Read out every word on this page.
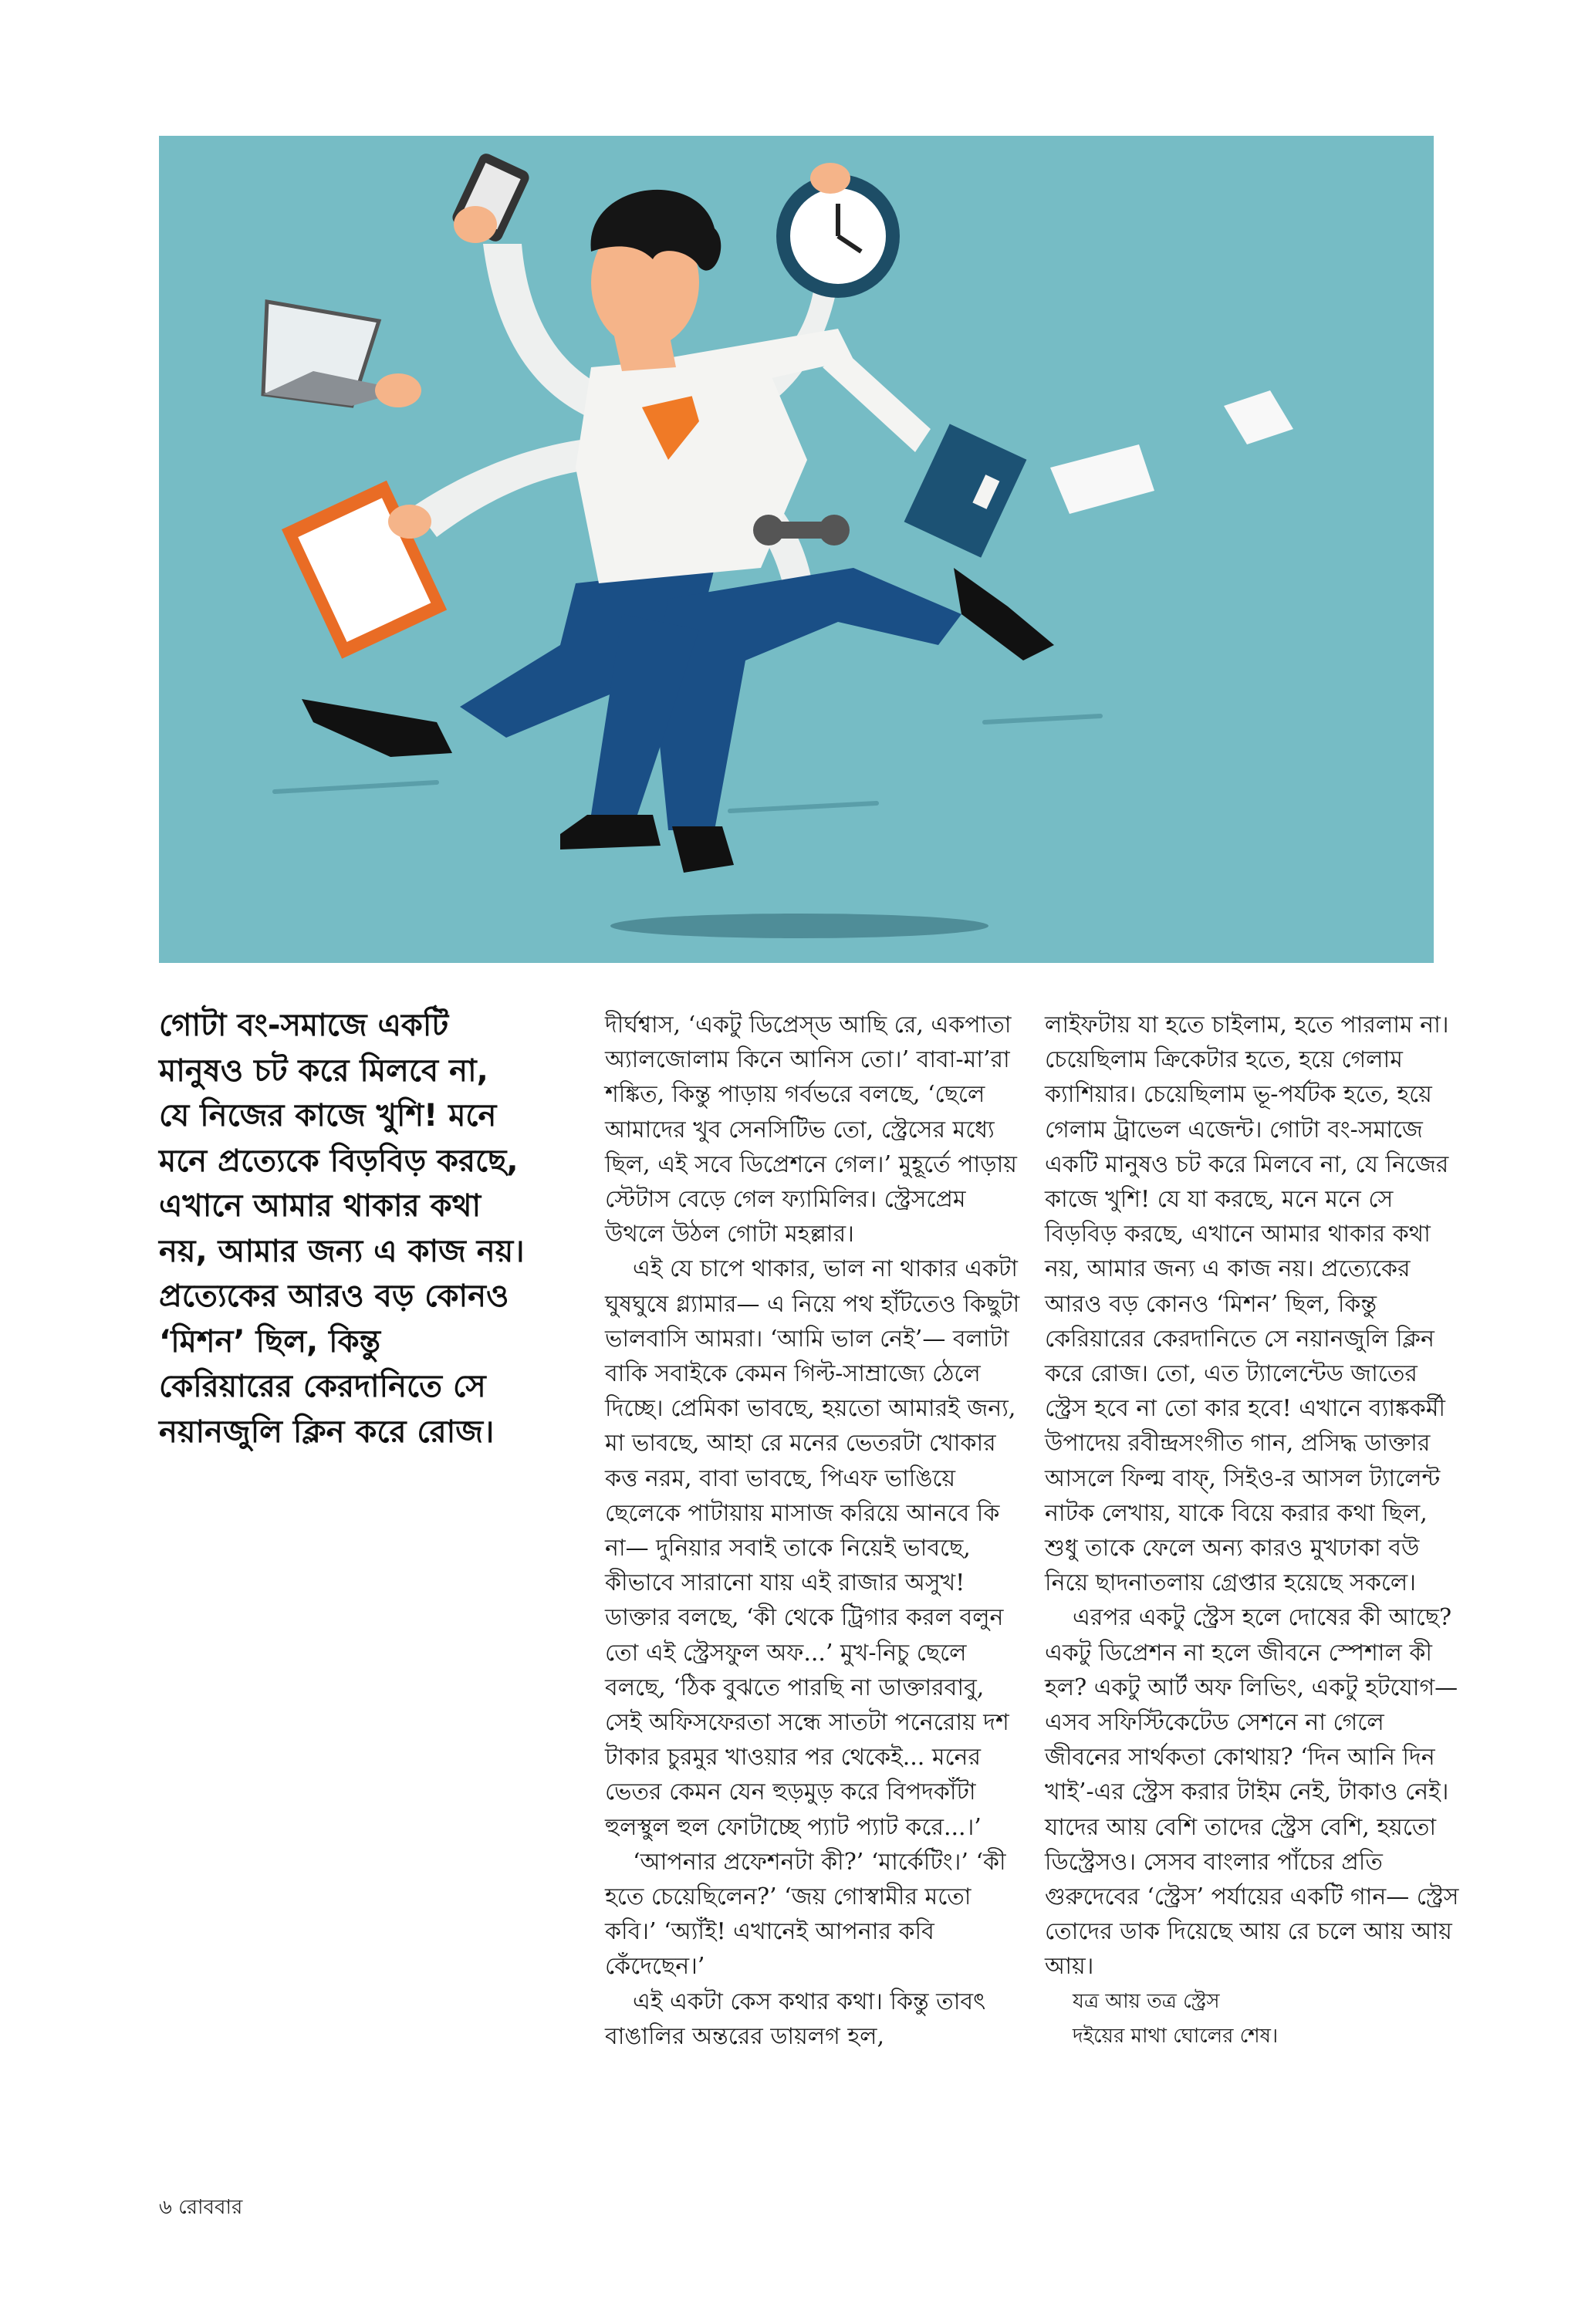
গোটা বং-সমাজে একটি
মানুষও চট করে মিলবে না,
যে নিজের কাজে খুশি! মনে
মনে প্রত্যেকে বিড়বিড় করছে,
এখানে আমার থাকার কথা
নয়, আমার জন্য এ কাজ নয়।
প্রত্যেকের আরও বড় কোনও
‘মিশন’ ছিল, কিন্তু
কেরিয়ারের কেরদানিতে সে
নয়ানজুলি ক্লিন করে রোজ।

দীর্ঘশ্বাস, ‘একটু ডিপ্রেস্‌ড আছি রে, একপাতা অ্যালজোলাম কিনে আনিস তো।’ বাবা-মা’রা শঙ্কিত, কিন্তু পাড়ায় গর্বভরে বলছে, ‘ছেলে আমাদের খুব সেনসিটিভ তো, স্ট্রেসের মধ্যে ছিল, এই সবে ডিপ্রেশনে গেল।’ মুহূর্তে পাড়ায় স্টেটাস বেড়ে গেল ফ্যামিলির। স্ট্রেসপ্রেম উথলে উঠল গোটা মহল্লার।

এই যে চাপে থাকার, ভাল না থাকার একটা ঘুষঘুষে গ্ল্যামার— এ নিয়ে পথ হাঁটতেও কিছুটা ভালবাসি আমরা। ‘আমি ভাল নেই’— বলাটা বাকি সবাইকে কেমন গিল্ট-সাম্রাজ্যে ঠেলে দিচ্ছে। প্রেমিকা ভাবছে, হয়তো আমারই জন্য, মা ভাবছে, আহা রে মনের ভেতরটা খোকার কত্ত নরম, বাবা ভাবছে, পিএফ ভাঙিয়ে ছেলেকে পাটায়ায় মাসাজ করিয়ে আনবে কি না— দুনিয়ার সবাই তাকে নিয়েই ভাবছে, কীভাবে সারানো যায় এই রাজার অসুখ! ডাক্তার বলছে, ‘কী থেকে ট্রিগার করল বলুন তো এই স্ট্রেসফুল অফ...’ মুখ-নিচু ছেলে বলছে, ‘ঠিক বুঝতে পারছি না ডাক্তারবাবু, সেই অফিসফেরতা সন্ধে সাতটা পনেরোয় দশ টাকার চুরমুর খাওয়ার পর থেকেই... মনের ভেতর কেমন যেন হুড়মুড় করে বিপদকাঁটা হুলস্থুল হুল ফোটাচ্ছে প্যাট প্যাট করে...।’

‘আপনার প্রফেশনটা কী?’ ‘মার্কেটিং।’ ‘কী হতে চেয়েছিলেন?’ ‘জয় গোস্বামীর মতো কবি।’ ‘অ্যাঁই! এখানেই আপনার কবি কেঁদেছেন।’

এই একটা কেস কথার কথা। কিন্তু তাবৎ বাঙালির অন্তরের ডায়লগ হল,

লাইফটায় যা হতে চাইলাম, হতে পারলাম না। চেয়েছিলাম ক্রিকেটার হতে, হয়ে গেলাম ক্যাশিয়ার। চেয়েছিলাম ভূ-পর্যটক হতে, হয়ে গেলাম ট্রাভেল এজেন্ট। গোটা বং-সমাজে একটি মানুষও চট করে মিলবে না, যে নিজের কাজে খুশি! যে যা করছে, মনে মনে সে বিড়বিড় করছে, এখানে আমার থাকার কথা নয়, আমার জন্য এ কাজ নয়। প্রত্যেকের আরও বড় কোনও ‘মিশন’ ছিল, কিন্তু কেরিয়ারের কেরদানিতে সে নয়ানজুলি ক্লিন করে রোজ। তো, এত ট্যালেন্টেড জাতের স্ট্রেস হবে না তো কার হবে! এখানে ব্যাঙ্ককর্মী উপাদেয় রবীন্দ্রসংগীত গান, প্রসিদ্ধ ডাক্তার আসলে ফিল্ম বাফ্‌, সিইও-র আসল ট্যালেন্ট নাটক লেখায়, যাকে বিয়ে করার কথা ছিল, শুধু তাকে ফেলে অন্য কারও মুখঢাকা বউ নিয়ে ছাদনাতলায় গ্রেপ্তার হয়েছে সকলে।

এরপর একটু স্ট্রেস হলে দোষের কী আছে? একটু ডিপ্রেশন না হলে জীবনে স্পেশাল কী হল? একটু আর্ট অফ লিভিং, একটু হটযোগ— এসব সফিস্টিকেটেড সেশনে না গেলে জীবনের সার্থকতা কোথায়? ‘দিন আনি দিন খাই’-এর স্ট্রেস করার টাইম নেই, টাকাও নেই। যাদের আয় বেশি তাদের স্ট্রেস বেশি, হয়তো ডিস্ট্রেসও। সেসব বাংলার পাঁচের প্রতি গুরুদেবের ‘স্ট্রেস’ পর্যায়ের একটি গান— স্ট্রেস তোদের ডাক দিয়েছে আয় রে চলে আয় আয় আয়।

যত্র আয় তত্র স্ট্রেস

দইয়ের মাথা ঘোলের শেষ।

৬ রোববার
